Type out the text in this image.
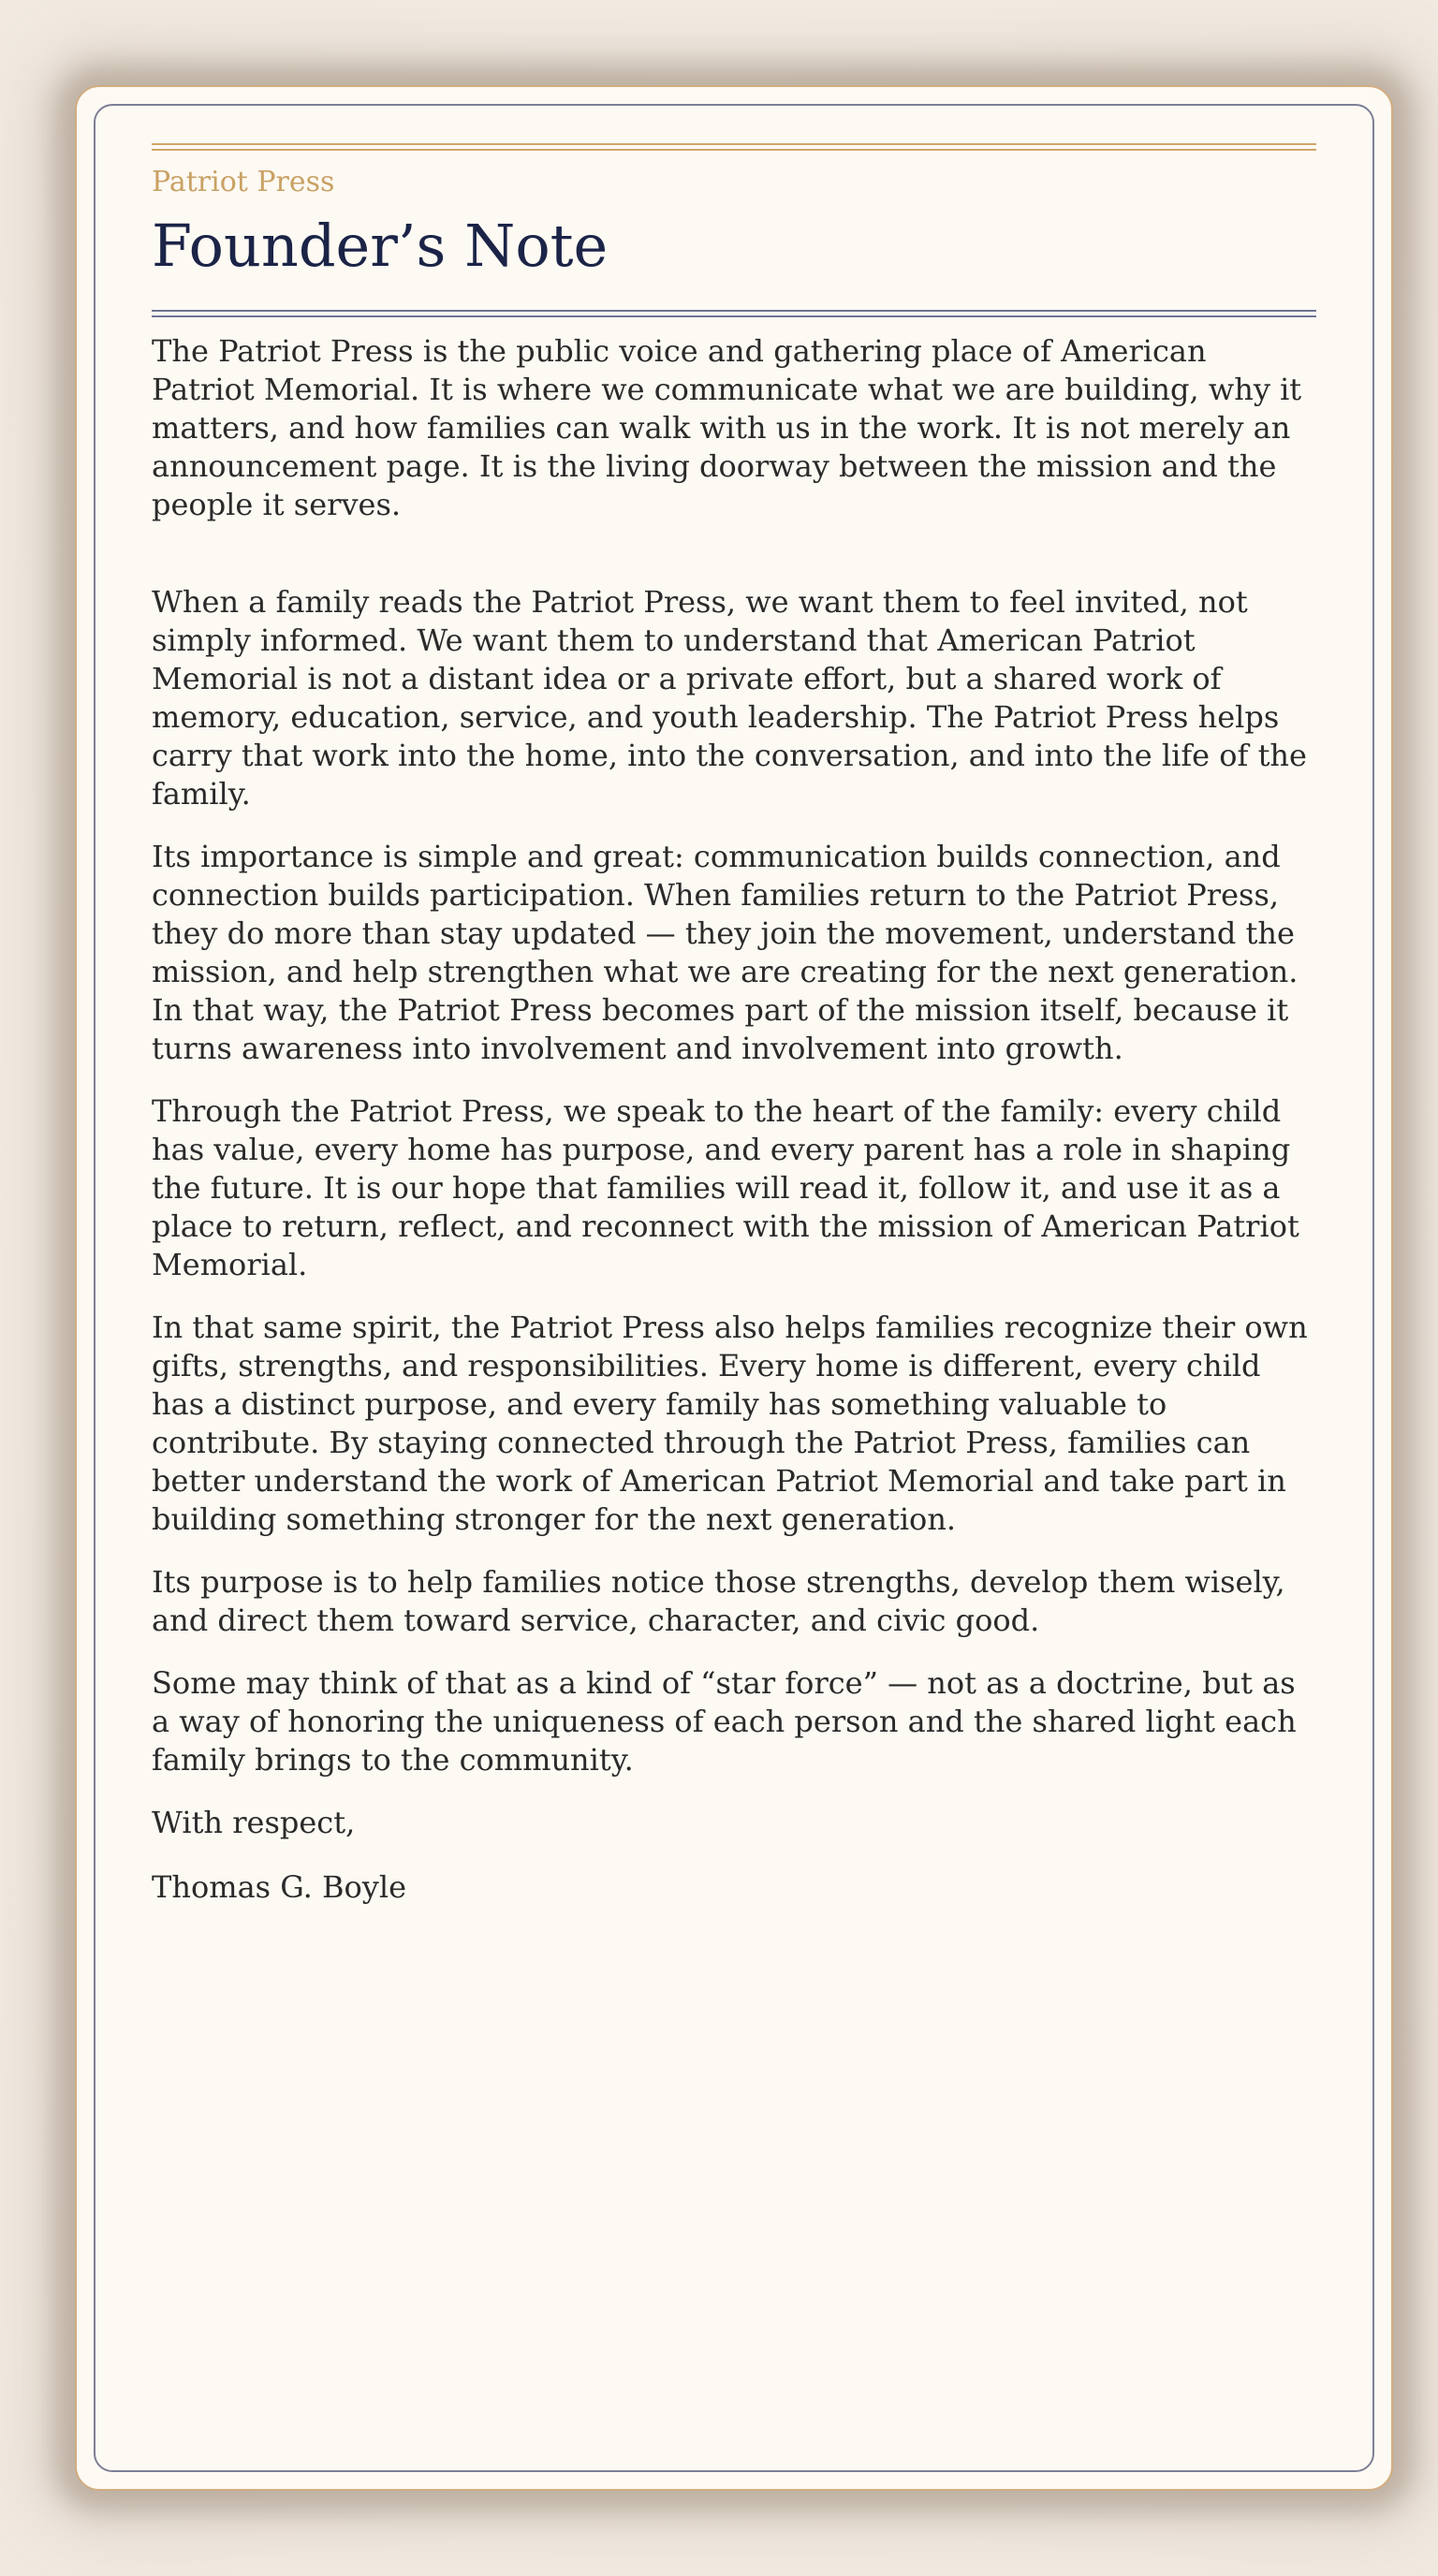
Patriot Press
Founder’s Note

The Patriot Press is the public voice and gathering place of American Patriot Memorial. It is where we communicate what we are building, why it matters, and how families can walk with us in the work. It is not merely an announcement page. It is the living doorway between the mission and the people it serves.

When a family reads the Patriot Press, we want them to feel invited, not simply informed. We want them to understand that American Patriot Memorial is not a distant idea or a private effort, but a shared work of memory, education, service, and youth leadership. The Patriot Press helps carry that work into the home, into the conversation, and into the life of the family.

Its importance is simple and great: communication builds connection, and connection builds participation. When families return to the Patriot Press, they do more than stay updated — they join the movement, understand the mission, and help strengthen what we are creating for the next generation. In that way, the Patriot Press becomes part of the mission itself, because it turns awareness into involvement and involvement into growth.

Through the Patriot Press, we speak to the heart of the family: every child has value, every home has purpose, and every parent has a role in shaping the future. It is our hope that families will read it, follow it, and use it as a place to return, reflect, and reconnect with the mission of American Patriot Memorial.

In that same spirit, the Patriot Press also helps families recognize their own gifts, strengths, and responsibilities. Every home is different, every child has a distinct purpose, and every family has something valuable to contribute. By staying connected through the Patriot Press, families can better understand the work of American Patriot Memorial and take part in building something stronger for the next generation.

Its purpose is to help families notice those strengths, develop them wisely, and direct them toward service, character, and civic good.

Some may think of that as a kind of “star force” — not as a doctrine, but as a way of honoring the uniqueness of each person and the shared light each family brings to the community.

With respect,

Thomas G. Boyle
